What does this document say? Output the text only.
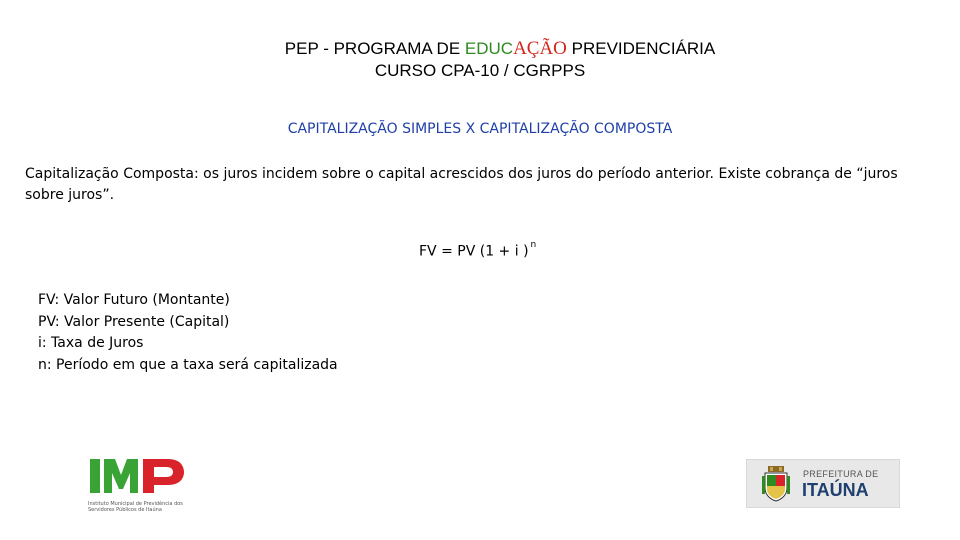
PEP - PROGRAMA DE EDUCAÇÃO PREVIDENCIÁRIA
CURSO CPA-10 / CGRPPS
CAPITALIZAÇÃO SIMPLES X CAPITALIZAÇÃO COMPOSTA
Capitalização Composta: os juros incidem sobre o capital acrescidos dos juros do período anterior. Existe cobrança de “juros sobre juros”.
FV = PV (1 + i ) $^n$
FV: Valor Futuro (Montante)
PV: Valor Presente (Capital)
i: Taxa de Juros
n: Período em que a taxa será capitalizada
Instituto Municipal de Previdência dos Servidores Públicos de Itaúna
PREFEITURA DE
ITAÚNA
